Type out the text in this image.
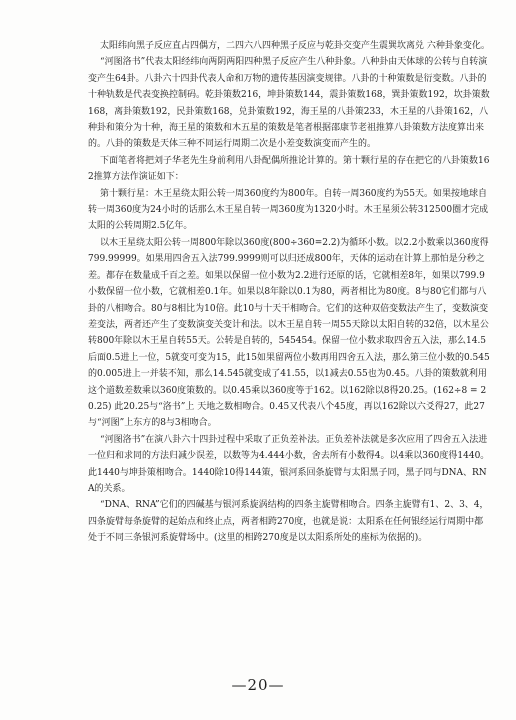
太阳纬向黑子反应直占四偶方，二四六八四种黑子反应与乾卦交变产生震巽坎离兑 六种卦象变化。

“河图洛书”代表太阳经纬向两阴两阳四种黑子反应产生八种卦象。八种卦由天体球的公转与自转演变产生64卦。八卦六十四卦代表人命和万物的遗传基因演变规律。八卦的十种策数是衍变数。八卦的十种轨数是代表变换控制码。乾卦策数216，坤卦策数144，震卦策数168，巽卦策数192，坎卦策数168，离卦策数192，民卦策数168，兑卦策数192，海王星的八卦策233，木王星的八卦策162，八种卦和策分为十种，海王星的策数和木五星的策数是笔者根据邵康节老祖推算八卦策数方法度算出来的。八卦的策数是天体三种不同运行周期二次是小差变数演变而产生的。

下面笔者将把刘子华老先生身前利用八卦配偶所推论计算的。第十颗行星的存在把它的八卦策数162推算方法作演证如下：

第十颗行星：木王星绕太阳公转一周360度约为800年。自转一周360度约为55天。如果按地球自转一周360度为24小时的话那么木王星自转一周360度为1320小时。木王星须公转312500圈才完成太阳的公转周期2.5亿年。

以木王星绕太阳公转一周800年除以360度(800÷360=2.2)为循环小数。以2.2小数乘以360度得799.99999。如果用四舍五入法799.9999则可以归还成800年，天体的运动在计算上那怕是分秒之差。都存在数量成千百之差。如果以保留一位小数为2.2进行还原的话，它就相差8年，如果以799.9小数保留一位小数，它就相差0.1年。如果以8年除以0.1为80，两者相比为80度。8与80它们都与八卦的八相吻合。80与8相比为10倍。此10与十天干相吻合。它们的这种双倍变数法产生了，变数演变差变法，两者还产生了变数演变关变计和法。以木王星自转一周55天除以太阳自转的32倍，以木星公转800年除以木王星自转55天。公转是自转的，545454。保留一位小数求取四舍五入法，那么14.5后面0.5进上一位，5就变可变为15，此15如果留两位小数再用四舍五入法，那么第三位小数的0.545的0.005进上一并装不知，那么14.545就变成了41.55，以1减去0.55也为0.45。八卦的策数就利用这个道数差数乘以360度策数的。以0.45乘以360度等于162。以162除以8得20.25。(162÷8 = 20.25) 此20.25与“洛书”上 天地之数相吻合。0.45又代表八个45度，再以162除以六爻得27，此27与“河图”上东方的8与3相吻合。

“河图洛书”在演八卦六十四卦过程中采取了正负差补法。正负差补法就是多次应用了四舍五入法进一位归和求同的方法归减少误差，以数等为4.444小数，舍去所有小数得4。以4乘以360度得1440。此1440与坤卦策相吻合。1440除10得144策，银河系回条旋臂与太阳黑子同，黑子同与DNA、RNA的关系。

“DNA、RNA”它们的四碱基与银河系旋涡结构的四条主旋臂相吻合。四条主旋臂有1、2、3、4，四条旋臂每条旋臂的起始点和终止点，两者相跨270度，也就是说：太阳系在任何银经运行周期中都处于不同三条银河系旋臂场中。(这里的相跨270度是以太阳系所处的座标为依据的)。

—20—
